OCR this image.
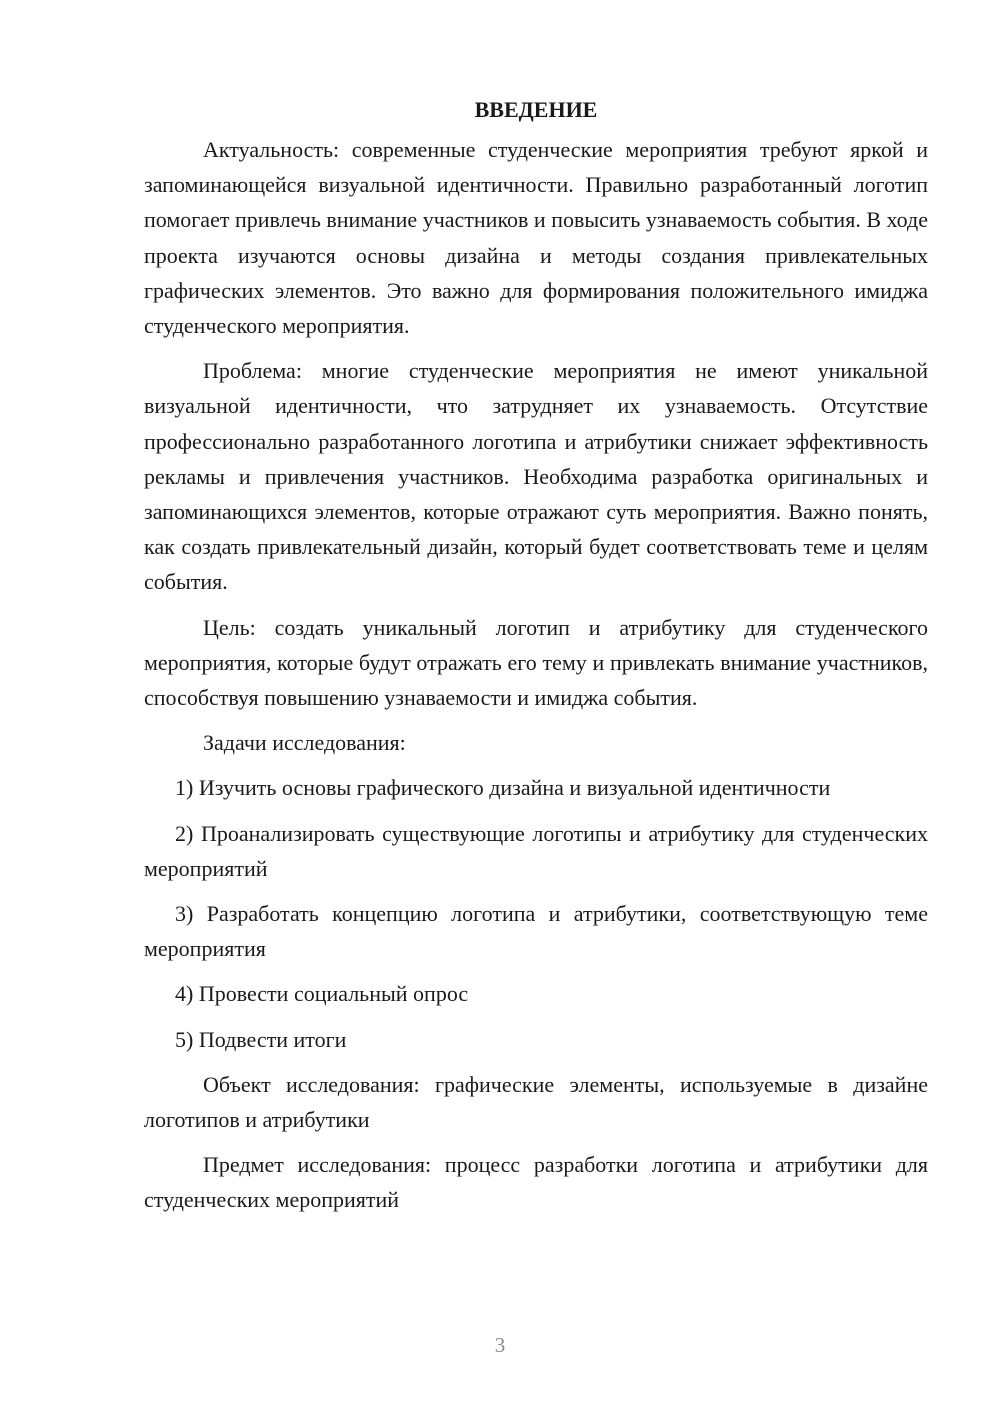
ВВЕДЕНИЕ

Актуальность: современные студенческие мероприятия требуют яркой и запоминающейся визуальной идентичности. Правильно разработанный логотип помогает привлечь внимание участников и повысить узнаваемость события. В ходе проекта изучаются основы дизайна и методы создания привлекательных графических элементов. Это важно для формирования положительного имиджа студенческого мероприятия.

Проблема: многие студенческие мероприятия не имеют уникальной визуальной идентичности, что затрудняет их узнаваемость. Отсутствие профессионально разработанного логотипа и атрибутики снижает эффективность рекламы и привлечения участников. Необходима разработка оригинальных и запоминающихся элементов, которые отражают суть мероприятия. Важно понять, как создать привлекательный дизайн, который будет соответствовать теме и целям события.

Цель: создать уникальный логотип и атрибутику для студенческого мероприятия, которые будут отражать его тему и привлекать внимание участников, способствуя повышению узнаваемости и имиджа события.

Задачи исследования:

1) Изучить основы графического дизайна и визуальной идентичности
2) Проанализировать существующие логотипы и атрибутику для студенческих мероприятий
3) Разработать концепцию логотипа и атрибутики, соответствующую теме мероприятия
4) Провести социальный опрос
5) Подвести итоги

Объект исследования: графические элементы, используемые в дизайне логотипов и атрибутики

Предмет исследования: процесс разработки логотипа и атрибутики для студенческих мероприятий

3
